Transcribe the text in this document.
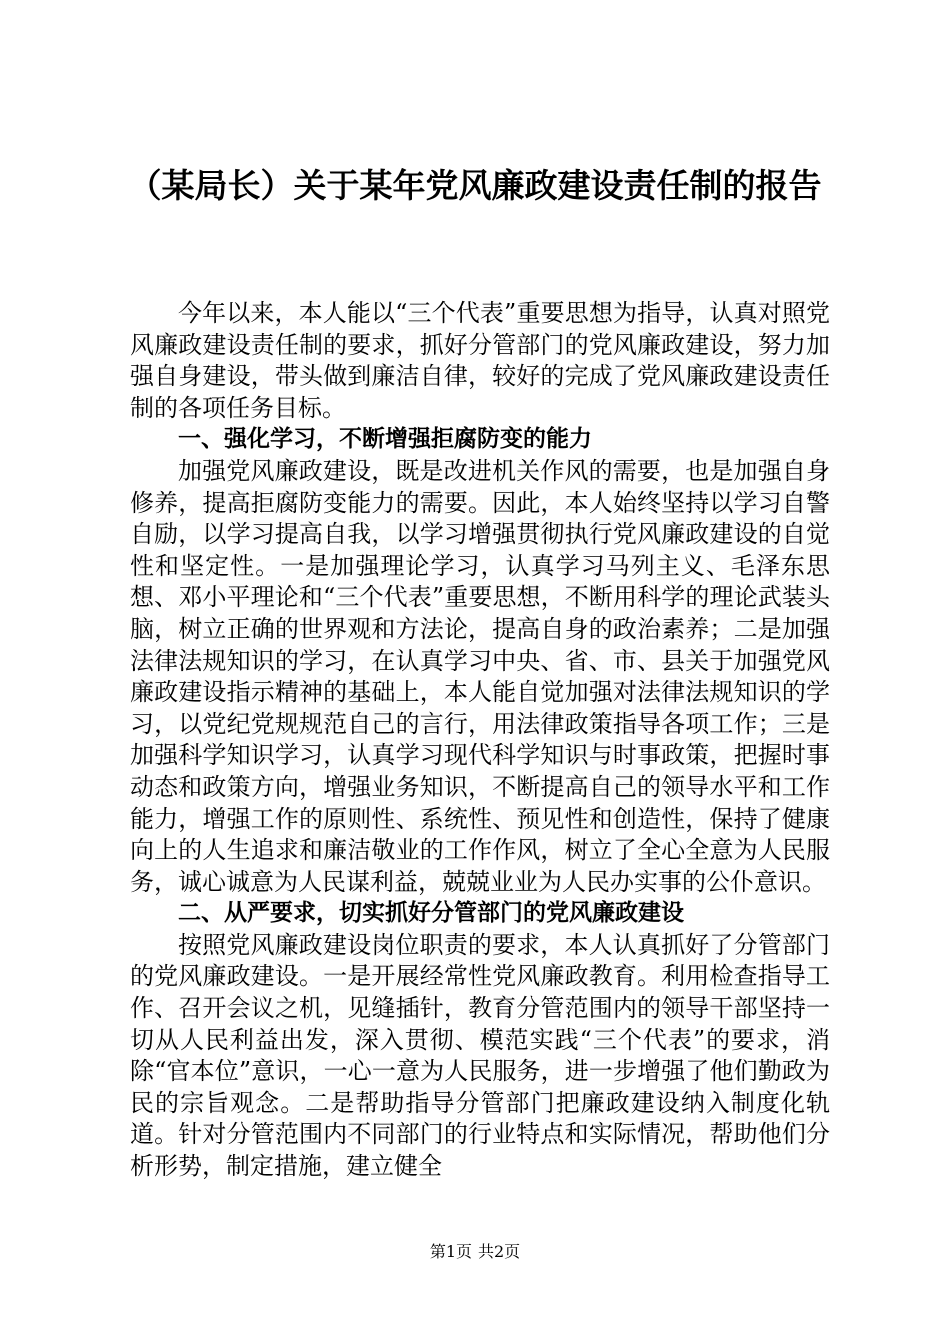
（某局长）关于某年党风廉政建设责任制的报告

今年以来，本人能以“三个代表”重要思想为指导，认真对照党风廉政建设责任制的要求，抓好分管部门的党风廉政建设，努力加强自身建设，带头做到廉洁自律，较好的完成了党风廉政建设责任制的各项任务目标。

一、强化学习，不断增强拒腐防变的能力

加强党风廉政建设，既是改进机关作风的需要，也是加强自身修养，提高拒腐防变能力的需要。因此，本人始终坚持以学习自警自励，以学习提高自我，以学习增强贯彻执行党风廉政建设的自觉性和坚定性。一是加强理论学习，认真学习马列主义、毛泽东思想、邓小平理论和“三个代表”重要思想，不断用科学的理论武装头脑，树立正确的世界观和方法论，提高自身的政治素养；二是加强法律法规知识的学习，在认真学习中央、省、市、县关于加强党风廉政建设指示精神的基础上，本人能自觉加强对法律法规知识的学习，以党纪党规规范自己的言行，用法律政策指导各项工作；三是加强科学知识学习，认真学习现代科学知识与时事政策，把握时事动态和政策方向，增强业务知识，不断提高自己的领导水平和工作能力，增强工作的原则性、系统性、预见性和创造性，保持了健康向上的人生追求和廉洁敬业的工作作风，树立了全心全意为人民服务，诚心诚意为人民谋利益，兢兢业业为人民办实事的公仆意识。

二、从严要求，切实抓好分管部门的党风廉政建设

按照党风廉政建设岗位职责的要求，本人认真抓好了分管部门的党风廉政建设。一是开展经常性党风廉政教育。利用检查指导工作、召开会议之机，见缝插针，教育分管范围内的领导干部坚持一切从人民利益出发，深入贯彻、模范实践“三个代表”的要求，消除“官本位”意识，一心一意为人民服务，进一步增强了他们勤政为民的宗旨观念。二是帮助指导分管部门把廉政建设纳入制度化轨道。针对分管范围内不同部门的行业特点和实际情况，帮助他们分析形势，制定措施，建立健全

第1页 共2页
